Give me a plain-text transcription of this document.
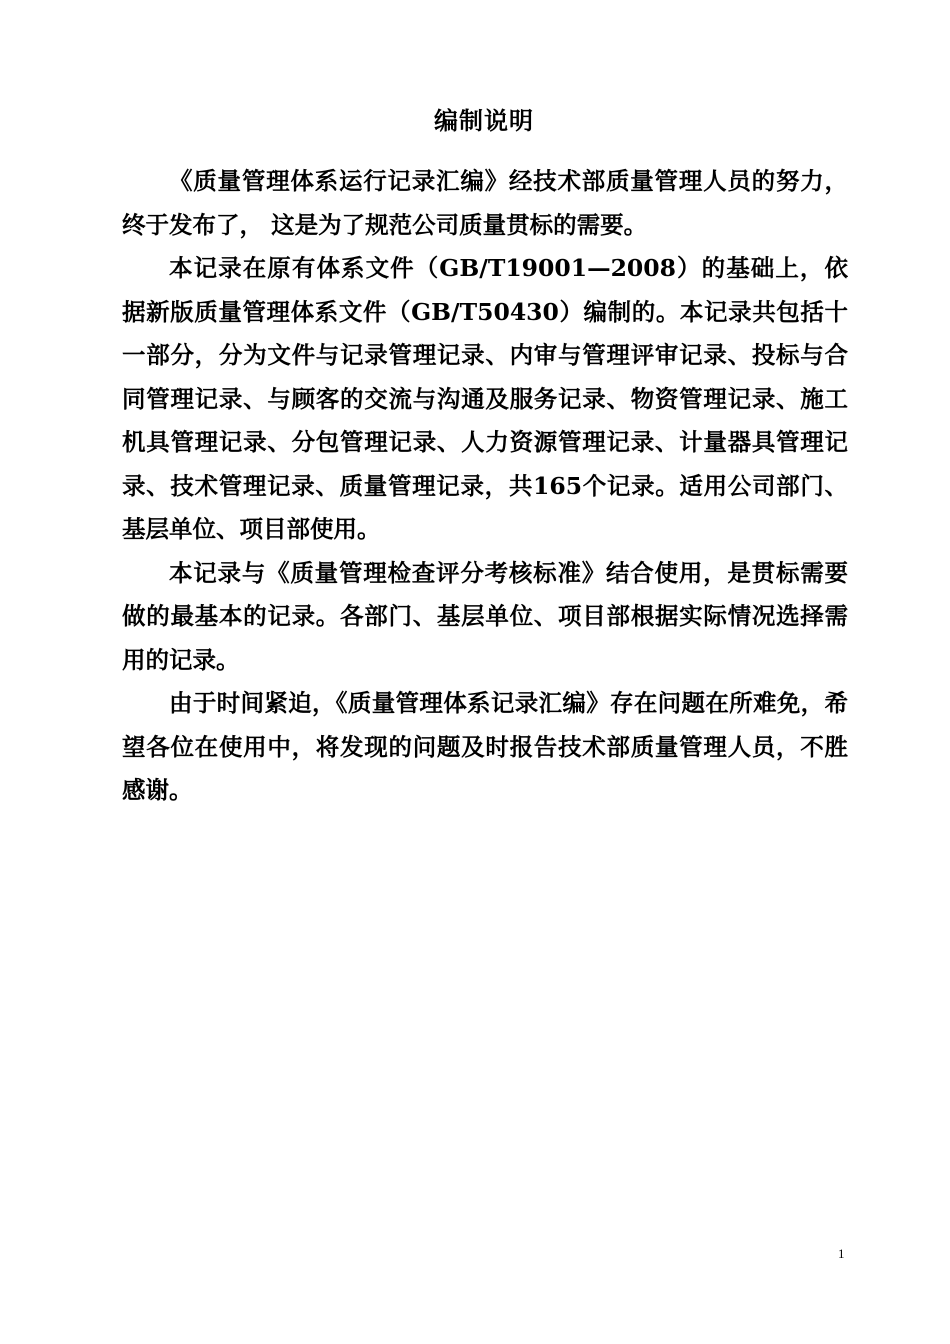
编制说明

《质量管理体系运行记录汇编》经技术部质量管理人员的努力，终于发布了， 这是为了规范公司质量贯标的需要。

本记录在原有体系文件（GB/T19001—2008）的基础上，依据新版质量管理体系文件（GB/T50430）编制的。本记录共包括十一部分，分为文件与记录管理记录、内审与管理评审记录、投标与合同管理记录、与顾客的交流与沟通及服务记录、物资管理记录、施工机具管理记录、分包管理记录、人力资源管理记录、计量器具管理记录、技术管理记录、质量管理记录，共165个记录。适用公司部门、基层单位、项目部使用。

本记录与《质量管理检查评分考核标准》结合使用，是贯标需要做的最基本的记录。各部门、基层单位、项目部根据实际情况选择需用的记录。

由于时间紧迫，《质量管理体系记录汇编》存在问题在所难免，希望各位在使用中，将发现的问题及时报告技术部质量管理人员，不胜感谢。

1
